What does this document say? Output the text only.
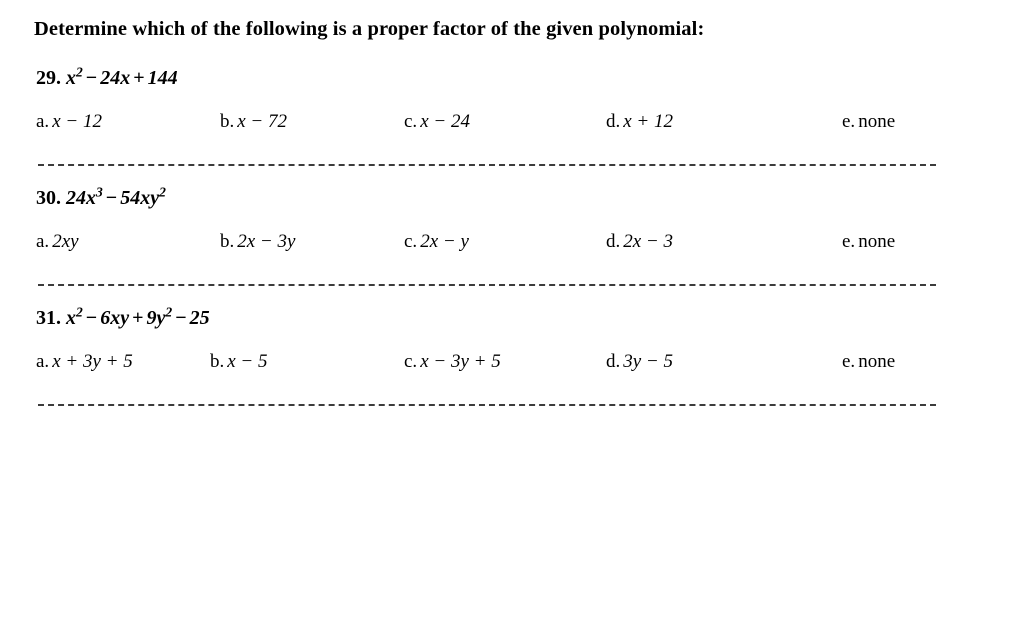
Determine which of the following is a proper factor of the given polynomial:

29. $x^2 - 24x + 144$
a. x − 12	b. x − 72	c. x − 24	d. x + 12	e. none
30. $24x^3 - 54xy^2$
a. 2xy	b. 2x − 3y	c. 2x − y	d. 2x − 3	e. none
31. $x^2 - 6xy + 9y^2 - 25$
a. x + 3y + 5	b. x − 5	c. x − 3y + 5	d. 3y − 5	e. none
